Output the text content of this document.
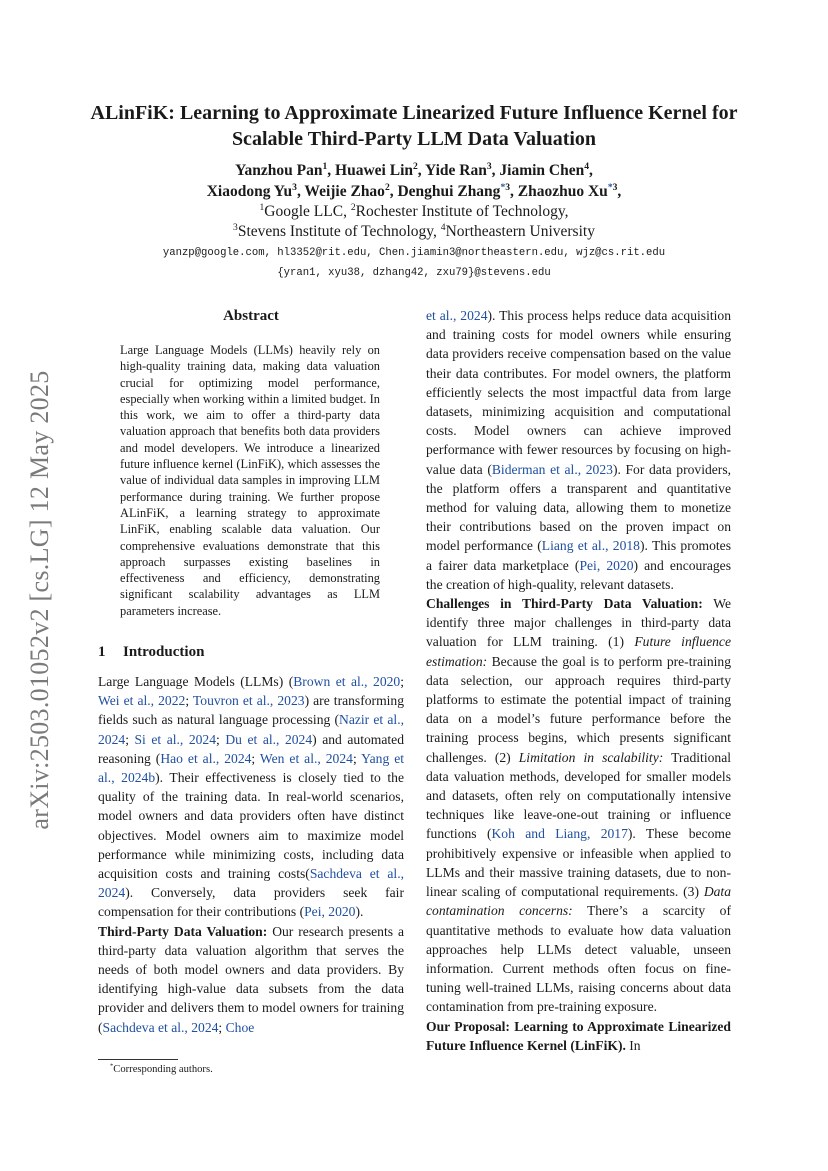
arXiv:2503.01052v2 [cs.LG] 12 May 2025
ALinFiK: Learning to Approximate Linearized Future Influence Kernel for
Scalable Third-Party LLM Data Valuation
Yanzhou Pan$^1$, Huawei Lin$^2$, Yide Ran$^3$, Jiamin Chen$^4$,
Xiaodong Yu$^3$, Weijie Zhao$^2$, Denghui Zhang$^{*3}$, Zhaozhuo Xu$^{*3}$,
$^1$Google LLC, $^2$Rochester Institute of Technology,
$^3$Stevens Institute of Technology, $^4$Northeastern University
yanzp@google.com, hl3352@rit.edu, Chen.jiamin3@northeastern.edu, wjz@cs.rit.edu
{yran1, xyu38, dzhang42, zxu79}@stevens.edu
Abstract
Large Language Models (LLMs) heavily rely on high-quality training data, making data valuation crucial for optimizing model performance, especially when working within a limited budget. In this work, we aim to offer a third-party data valuation approach that benefits both data providers and model developers. We introduce a linearized future influence kernel (LinFiK), which assesses the value of individual data samples in improving LLM performance during training. We further propose ALinFiK, a learning strategy to approximate LinFiK, enabling scalable data valuation. Our comprehensive evaluations demonstrate that this approach surpasses existing baselines in effectiveness and efficiency, demonstrating significant scalability advantages as LLM parameters increase.
1 Introduction

Large Language Models (LLMs) (Brown et al., 2020; Wei et al., 2022; Touvron et al., 2023) are transforming fields such as natural language processing (Nazir et al., 2024; Si et al., 2024; Du et al., 2024) and automated reasoning (Hao et al., 2024; Wen et al., 2024; Yang et al., 2024b). Their effectiveness is closely tied to the quality of the training data. In real-world scenarios, model owners and data providers often have distinct objectives. Model owners aim to maximize model performance while minimizing costs, including data acquisition costs and training costs(Sachdeva et al., 2024). Conversely, data providers seek fair compensation for their contributions (Pei, 2020).

Third-Party Data Valuation: Our research presents a third-party data valuation algorithm that serves the needs of both model owners and data providers. By identifying high-value data subsets from the data provider and delivers them to model owners for training (Sachdeva et al., 2024; Choe

et al., 2024). This process helps reduce data acquisition and training costs for model owners while ensuring data providers receive compensation based on the value their data contributes. For model owners, the platform efficiently selects the most impactful data from large datasets, minimizing acquisition and computational costs. Model owners can achieve improved performance with fewer resources by focusing on high-value data (Biderman et al., 2023). For data providers, the platform offers a transparent and quantitative method for valuing data, allowing them to monetize their contributions based on the proven impact on model performance (Liang et al., 2018). This promotes a fairer data marketplace (Pei, 2020) and encourages the creation of high-quality, relevant datasets.

Challenges in Third-Party Data Valuation: We identify three major challenges in third-party data valuation for LLM training. (1) Future influence estimation: Because the goal is to perform pre-training data selection, our approach requires third-party platforms to estimate the potential impact of training data on a model’s future performance before the training process begins, which presents significant challenges. (2) Limitation in scalability: Traditional data valuation methods, developed for smaller models and datasets, often rely on computationally intensive techniques like leave-one-out training or influence functions (Koh and Liang, 2017). These become prohibitively expensive or infeasible when applied to LLMs and their massive training datasets, due to non-linear scaling of computational requirements. (3) Data contamination concerns: There’s a scarcity of quantitative methods to evaluate how data valuation approaches help LLMs detect valuable, unseen information. Current methods often focus on fine-tuning well-trained LLMs, raising concerns about data contamination from pre-training exposure.

Our Proposal: Learning to Approximate Linearized Future Influence Kernel (LinFiK). In

*Corresponding authors.
